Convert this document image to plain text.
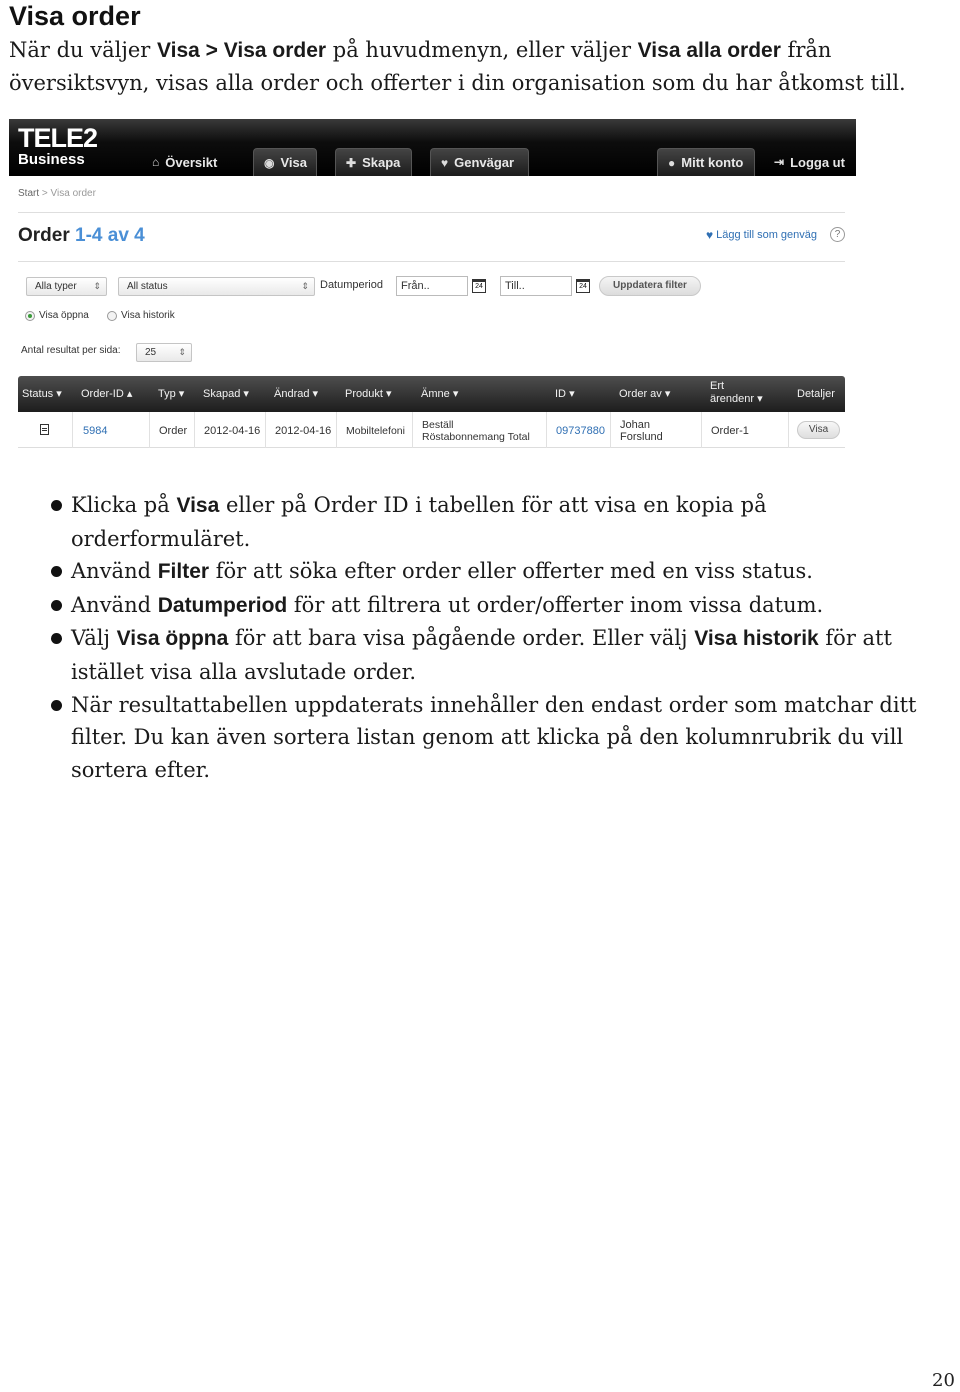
Visa order

När du väljer Visa > Visa order på huvudmenyn, eller väljer Visa alla order från översiktsvyn, visas alla order och offerter i din organisation som du har åtkomst till.

TELE2
Business	⌂ Översikt	◉ Visa	✚ Skapa	♥ Genvägar	● Mitt konto	⇥ Logga ut
Start > Visa order
Order 1-4 av 4	♥ Lägg till som genväg	?
Alla typer ⇕	All status	⇕ Datumperiod	Från..	24	Till..	24	Uppdatera filter
Visa öppna	Visa historik
Antal resultat per sida:	25 ⇕
Status ▾ Order-ID ▴ Typ ▾ Skapad ▾ Ändrad ▾ Produkt ▾	Ämne ▾	ID ▾	Order av ▾
Ert
ärendenr ▾	Detaljer
5984	Order 2012-04-16 2012-04-16 Mobiltelefoni Beställ
Röstabonnemang Total 09737880 Johan
Forslund	Order-1	Visa
Klicka på Visa eller på Order ID i tabellen för att visa en kopia på orderformuläret.
Använd Filter för att söka efter order eller offerter med en viss status.
Använd Datumperiod för att filtrera ut order/offerter inom vissa datum.
Välj Visa öppna för att bara visa pågående order. Eller välj Visa historik för att istället visa alla avslutade order.
När resultattabellen uppdaterats innehåller den endast order som matchar ditt filter. Du kan även sortera listan genom att klicka på den kolumnrubrik du vill sortera efter.
20
